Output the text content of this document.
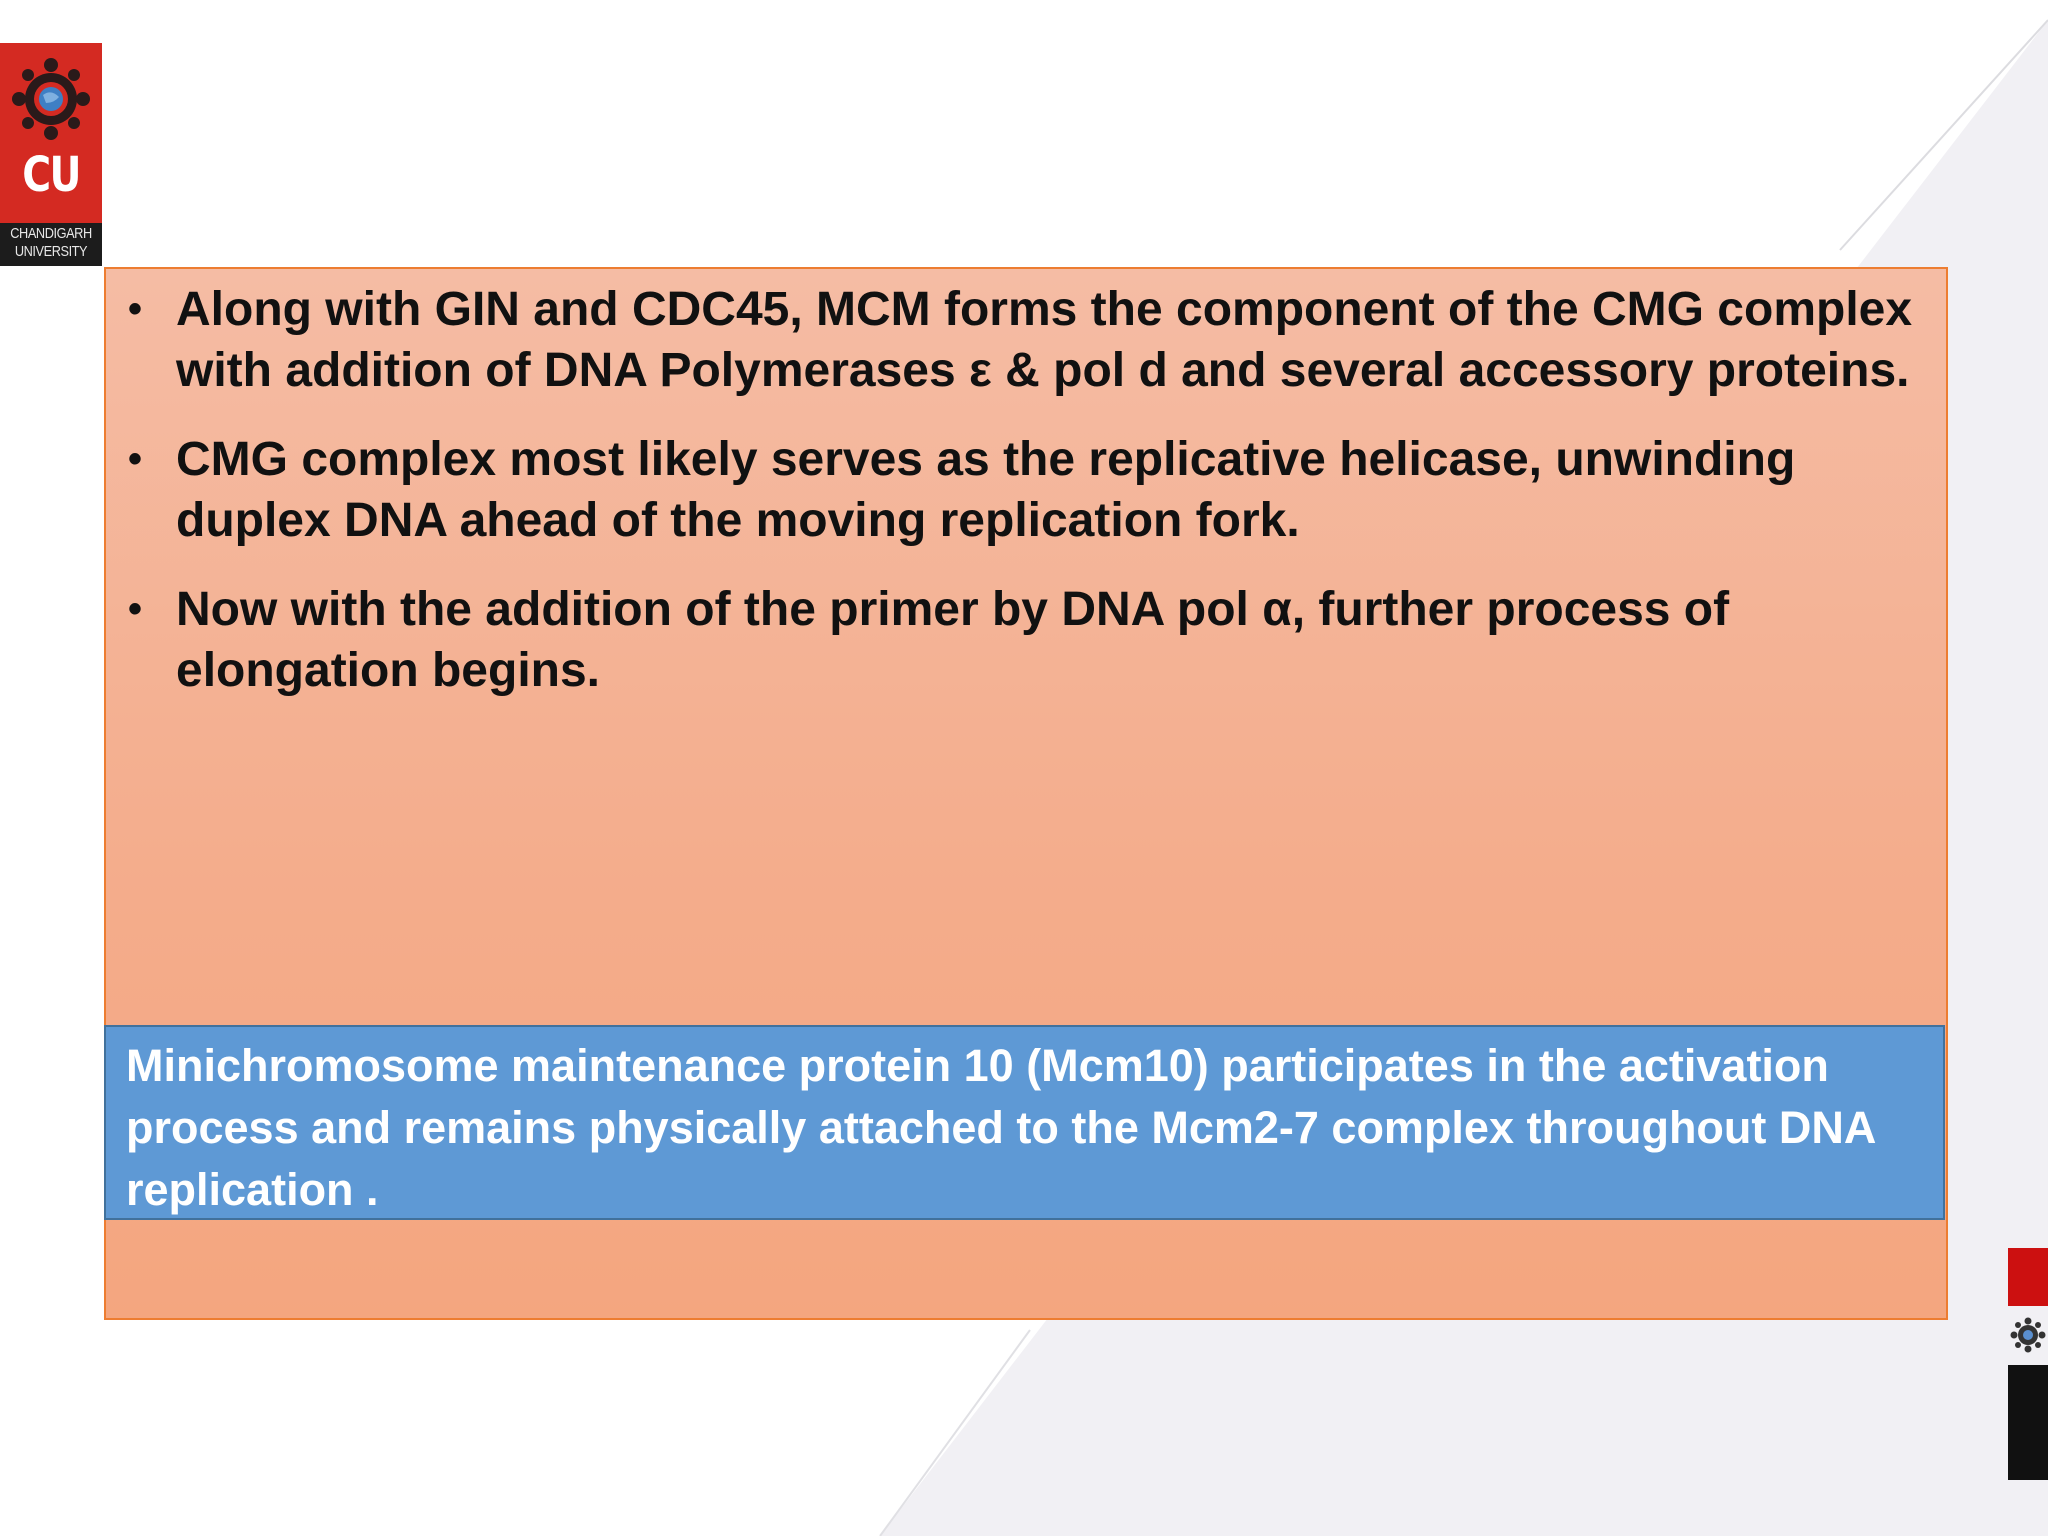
CU
CHANDIGARH
UNIVERSITY
• Along with GIN and CDC45, MCM forms the component of the CMG complex with addition of DNA Polymerases ε & pol d and several accessory proteins.
• CMG complex most likely serves as the replicative helicase, unwinding duplex DNA ahead of the moving replication fork.
• Now with the addition of the primer by DNA pol α, further process of elongation begins.
Minichromosome maintenance protein 10 (Mcm10) participates in the activation process and remains physically attached to the Mcm2-7 complex throughout DNA replication .
